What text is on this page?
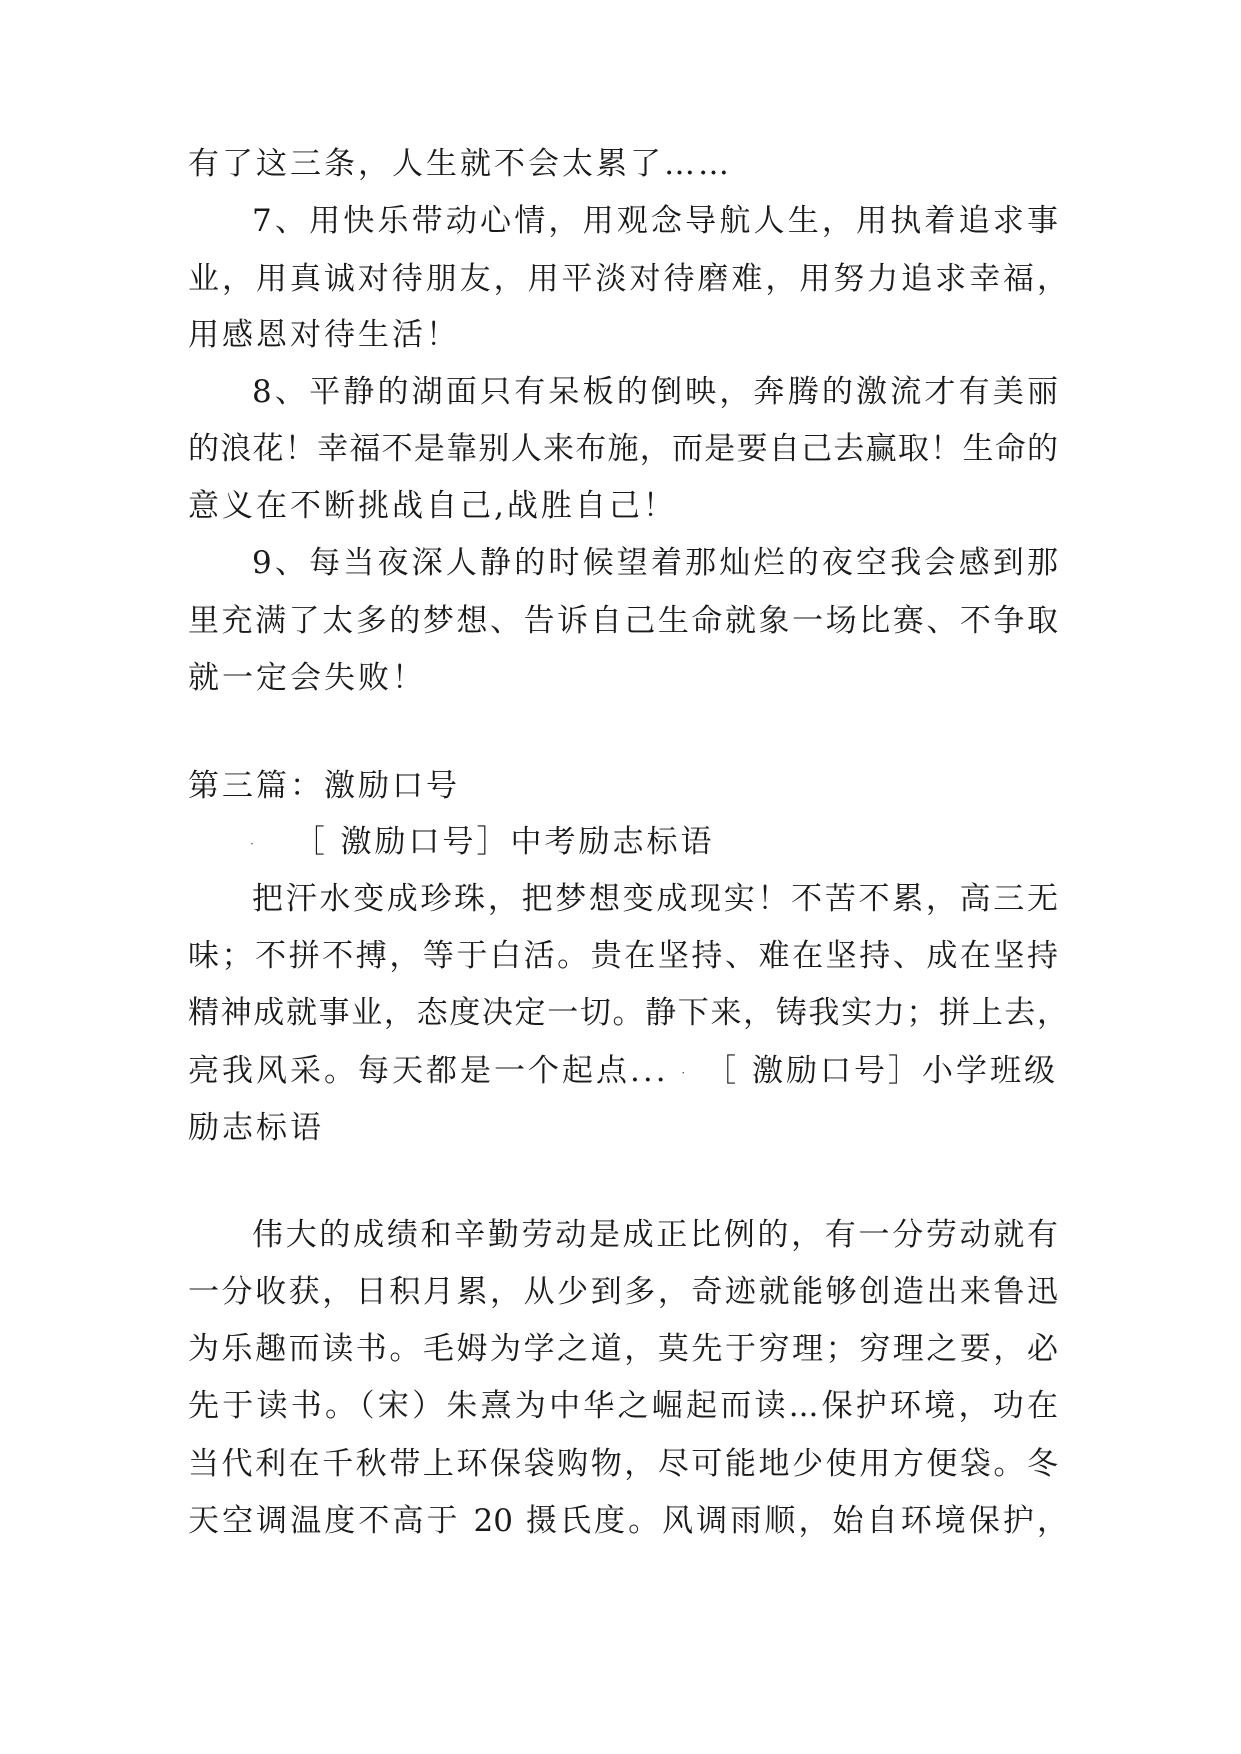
有了这三条，人生就不会太累了……
7、用快乐带动心情，用观念导航人生，用执着追求事
业，用真诚对待朋友，用平淡对待磨难，用努力追求幸福，
用感恩对待生活！
8、平静的湖面只有呆板的倒映，奔腾的激流才有美丽
的浪花！幸福不是靠别人来布施，而是要自己去赢取！生命的
意义在不断挑战自己,战胜自己！
9、每当夜深人静的时候望着那灿烂的夜空我会感到那
里充满了太多的梦想、告诉自己生命就象一场比赛、不争取
就一定会失败！
第三篇：激励口号
· ［ 激励口号］中考励志标语
把汗水变成珍珠，把梦想变成现实！不苦不累，高三无
味；不拼不搏，等于白活。贵在坚持、难在坚持、成在坚持
精神成就事业，态度决定一切。静下来，铸我实力；拼上去，
亮我风采。每天都是一个起点... · ［ 激励口号］小学班级
励志标语
伟大的成绩和辛勤劳动是成正比例的，有一分劳动就有
一分收获，日积月累，从少到多，奇迹就能够创造出来鲁迅
为乐趣而读书。毛姆为学之道，莫先于穷理；穷理之要，必
先于读书。（宋）朱熹为中华之崛起而读...保护环境，功在
当代利在千秋带上环保袋购物，尽可能地少使用方便袋。冬
天空调温度不高于 20 摄氏度。风调雨顺，始自环境保护，
